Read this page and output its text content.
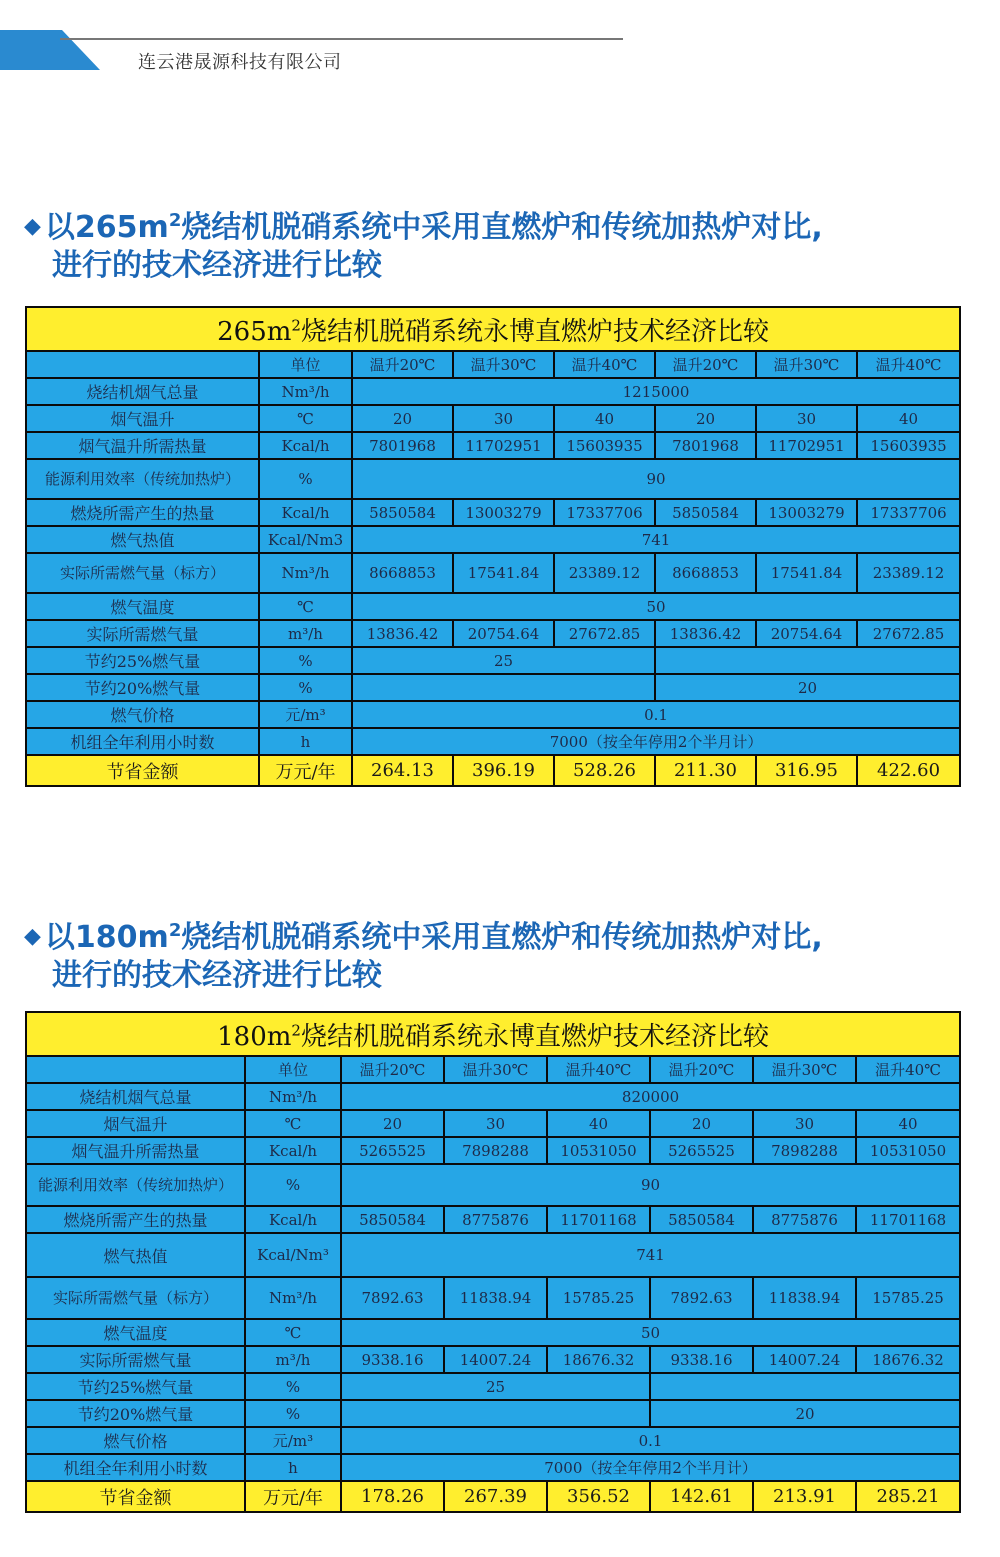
连云港晟源科技有限公司
◆ 以$265m^2$烧结机脱硝系统中采用直燃炉和传统加热炉对比,
进行的技术经济进行比较
$265m^2$烧结机脱硝系统永博直燃炉技术经济比较							
	单位	温升20℃	温升30℃	温升40℃	温升20℃	温升30℃	温升40℃
烧结机烟气总量	Nm³/h	1215000					
烟气温升	℃	20	30	40	20	30	40
烟气温升所需热量	Kcal/h	7801968	11702951	15603935	7801968	11702951	15603935
能源利用效率（传统加热炉）	%	90					
燃烧所需产生的热量	Kcal/h	5850584	13003279	17337706	5850584	13003279	17337706
燃气热值	Kcal/Nm3	741					
实际所需燃气量（标方）	Nm³/h	8668853	17541.84	23389.12	8668853	17541.84	23389.12
燃气温度	℃	50					
实际所需燃气量	m³/h	13836.42	20754.64	27672.85	13836.42	20754.64	27672.85
节约25%燃气量	%	25					
节约20%燃气量	%				20		
燃气价格	元/m³	0.1					
机组全年利用小时数	h	7000（按全年停用2个半月计）					
节省金额	万元/年	264.13	396.19	528.26	211.30	316.95	422.60
◆ 以$180m^2$烧结机脱硝系统中采用直燃炉和传统加热炉对比,
进行的技术经济进行比较
$180m^2$烧结机脱硝系统永博直燃炉技术经济比较							
	单位	温升20℃	温升30℃	温升40℃	温升20℃	温升30℃	温升40℃
烧结机烟气总量	Nm³/h	820000					
烟气温升	℃	20	30	40	20	30	40
烟气温升所需热量	Kcal/h	5265525	7898288	10531050	5265525	7898288	10531050
能源利用效率（传统加热炉）	%	90					
燃烧所需产生的热量	Kcal/h	5850584	8775876	11701168	5850584	8775876	11701168
燃气热值	Kcal/Nm³	741					
实际所需燃气量（标方）	Nm³/h	7892.63	11838.94	15785.25	7892.63	11838.94	15785.25
燃气温度	℃	50					
实际所需燃气量	m³/h	9338.16	14007.24	18676.32	9338.16	14007.24	18676.32
节约25%燃气量	%	25					
节约20%燃气量	%				20		
燃气价格	元/m³	0.1					
机组全年利用小时数	h	7000（按全年停用2个半月计）					
节省金额	万元/年	178.26	267.39	356.52	142.61	213.91	285.21
